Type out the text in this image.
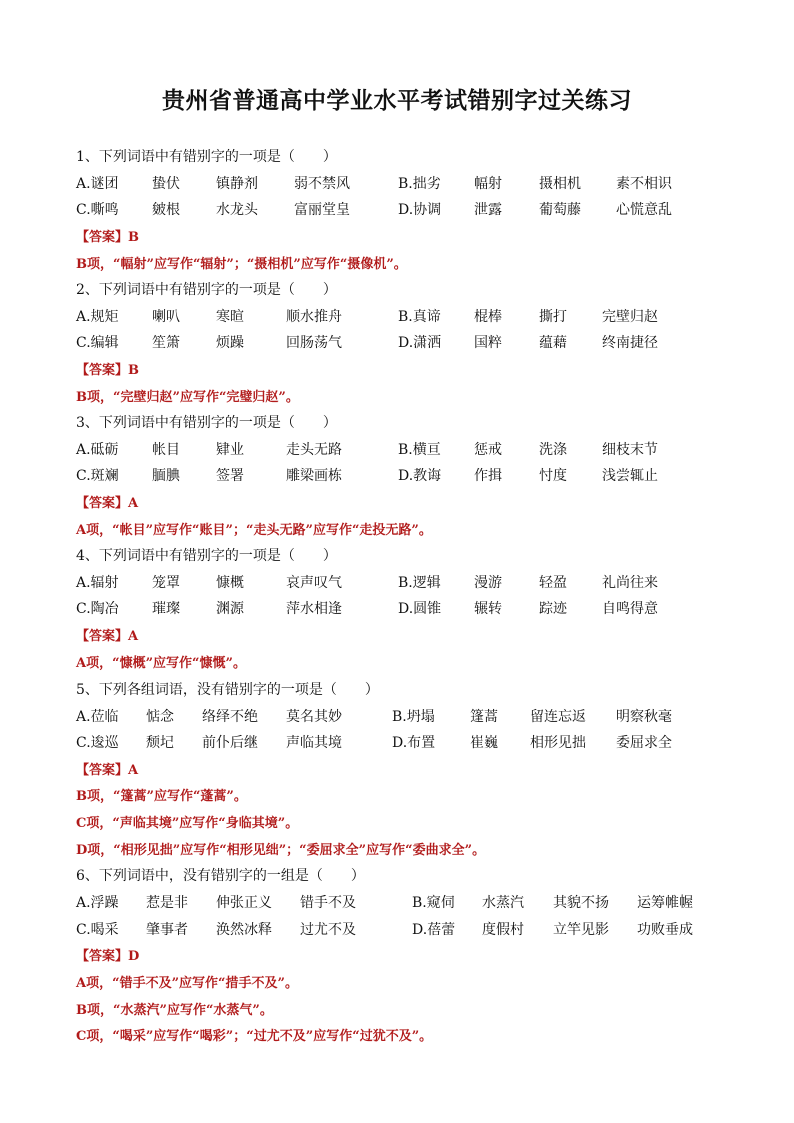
贵州省普通高中学业水平考试错别字过关练习
1、下列词语中有错别字的一项是（　　）
A.谜团 蛰伏	镇静剂	弱不禁风	B.拙劣 幅射	摄相机	素不相识
C.嘶鸣 皴根	水龙头	富丽堂皇	D.协调 泄露	葡萄藤	心慌意乱
【答案】B
B项，“幅射”应写作“辐射”；“摄相机”应写作“摄像机”。
2、下列词语中有错别字的一项是（　　）
A.规矩 喇叭	寒暄	顺水推舟	B.真谛 棍棒	撕打	完壁归赵
C.编辑 笙箫	烦躁	回肠荡气	D.潇洒 国粹	蕴藉	终南捷径
【答案】B
B项，“完壁归赵”应写作“完璧归赵”。
3、下列词语中有错别字的一项是（　　）
A.砥砺 帐目	肄业	走头无路	B.横亘 惩戒	洗涤	细枝末节
C.斑斓 腼腆	签署	雕梁画栋	D.教诲 作揖	忖度	浅尝辄止
【答案】A
A项，“帐目”应写作“账目”；“走头无路”应写作“走投无路”。
4、下列词语中有错别字的一项是（　　）
A.辐射 笼罩	慷概	哀声叹气	B.逻辑 漫游	轻盈	礼尚往来
C.陶冶 璀璨	渊源	萍水相逢	D.圆锥 辗转	踪迹	自鸣得意
【答案】A
A项，“慷概”应写作“慷慨”。
5、下列各组词语，没有错别字的一项是（　　）
A.莅临 惦念 络绎不绝 莫名其妙	B.坍塌	篷蒿 留连忘返 明察秋毫
C.逡巡 颓圮 前仆后继 声临其境	D.布置 崔巍 相形见拙 委屈求全
【答案】A
B项，“篷蒿”应写作“蓬蒿”。
C项，“声临其境”应写作“身临其境”。
D项，“相形见拙”应写作“相形见绌”；“委屈求全”应写作“委曲求全”。
6、下列词语中，没有错别字的一组是（　　）
A.浮躁 惹是非 伸张正义 错手不及	B.窥伺 水蒸汽 其貌不扬 运筹帷幄
C.喝采 肇事者 涣然冰释 过尤不及	D.蓓蕾 度假村 立竿见影 功败垂成
【答案】D
A项，“错手不及”应写作“措手不及”。
B项，“水蒸汽”应写作“水蒸气”。
C项，“喝采”应写作“喝彩”；“过尤不及”应写作“过犹不及”。
